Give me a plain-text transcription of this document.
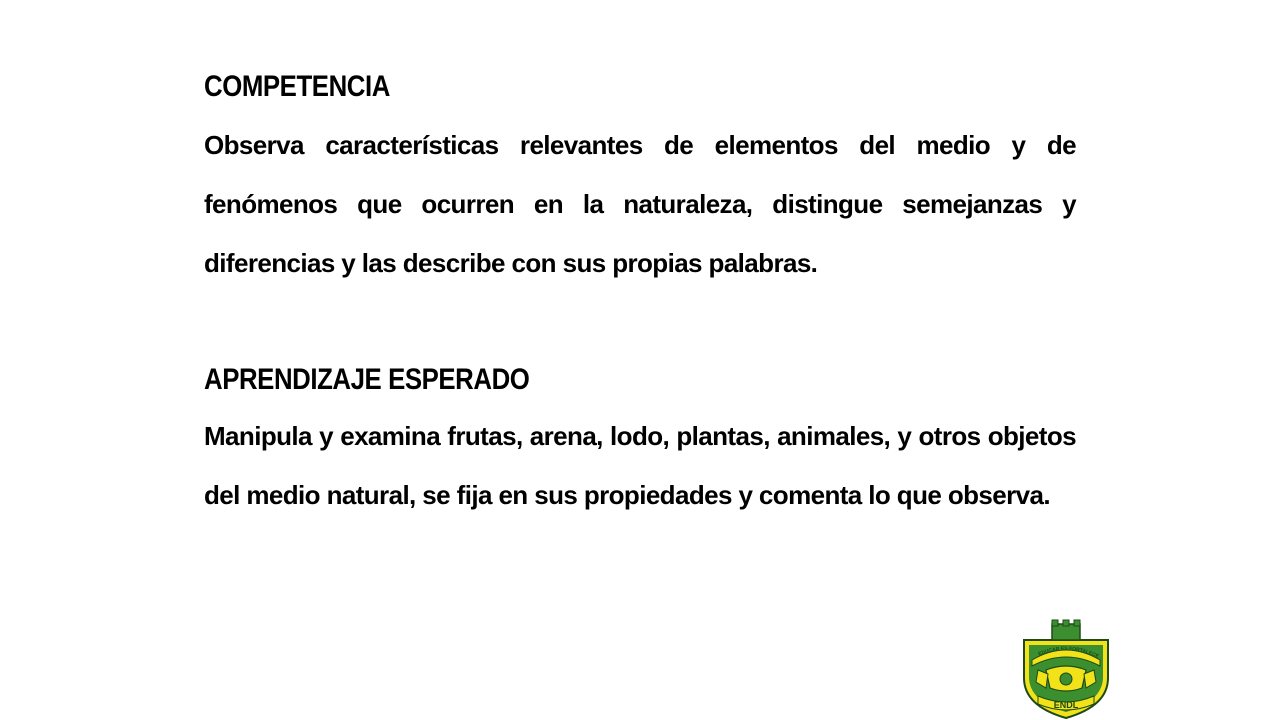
COMPETENCIA

Observa características relevantes de elementos del medio y de fenómenos que ocurren en la naturaleza, distingue semejanzas y diferencias y las describe con sus propias palabras.

APRENDIZAJE ESPERADO

Manipula y examina frutas, arena, lodo, plantas, animales, y otros objetos del medio natural, se fija en sus propiedades y comenta lo que observa.

EDUCAR ES FORTALECE
ENDL
